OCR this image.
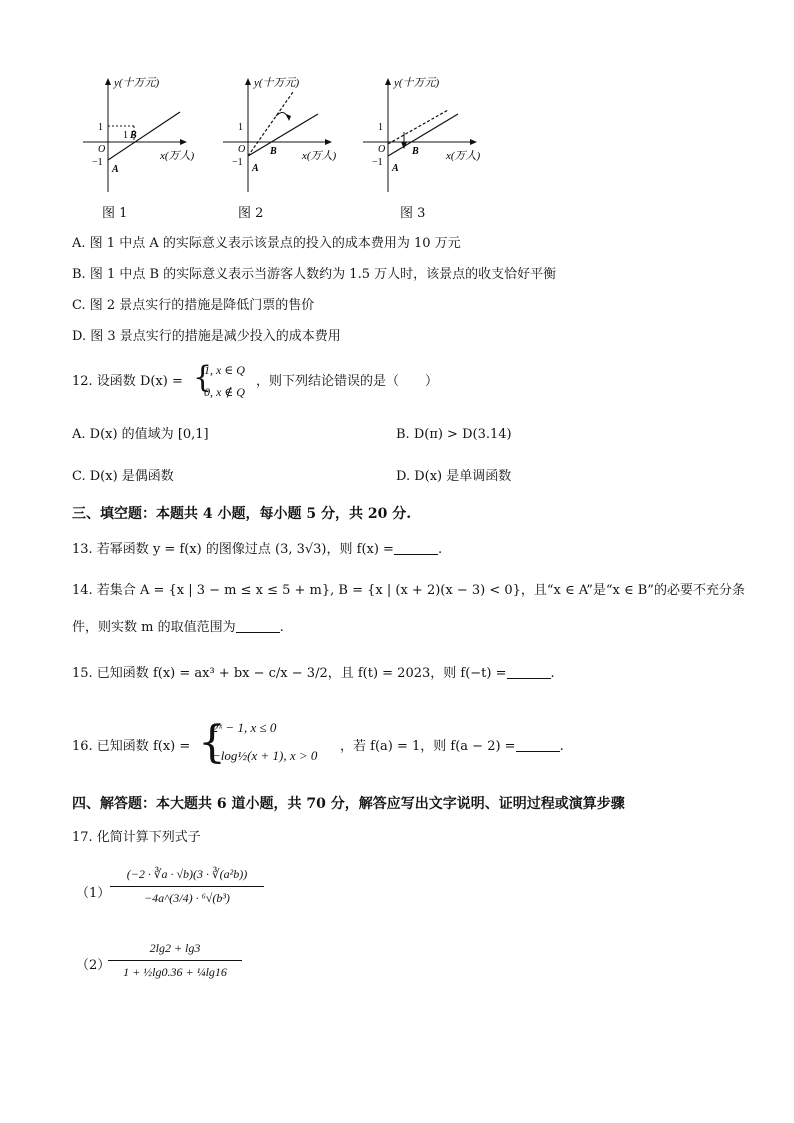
y(十万元)
x(万人)
1
−1
O
A
B
1
图 1
y(十万元)
x(万人)
1
−1
O
A
B
图 2
y(十万元)
x(万人)
1
−1
O
A
B
图 3
A. 图 1 中点 A 的实际意义表示该景点的投入的成本费用为 10 万元
B. 图 1 中点 B 的实际意义表示当游客人数约为 1.5 万人时，该景点的收支恰好平衡
C. 图 2 景点实行的措施是降低门票的售价
D. 图 3 景点实行的措施是减少投入的成本费用
12. 设函数 D(x) = {
1, x ∈ Q
0, x ∉ Q
，则下列结论错误的是（　　）
A. D(x) 的值域为 [0,1]	B. D(π) > D(3.14)
C. D(x) 是偶函数	D. D(x) 是单调函数
三、填空题：本题共 4 小题，每小题 5 分，共 20 分.
13. 若幂函数 y = f(x) 的图像过点 (3, 3√3)，则 f(x) =	.
14. 若集合 A = {x | 3 − m ≤ x ≤ 5 + m}, B = {x | (x + 2)(x − 3) < 0}，且“x ∈ A”是“x ∈ B”的必要不充分条
件，则实数 m 的取值范围为	.
15. 已知函数 f(x) = ax³ + bx − c/x − 3/2，且 f(t) = 2023，则 f(−t) =	.
16. 已知函数 f(x) = {
2ˣ − 1, x ≤ 0
−log½(x + 1), x > 0
，若 f(a) = 1，则 f(a − 2) =	.
四、解答题：本大题共 6 道小题，共 70 分，解答应写出文字说明、证明过程或演算步骤
17. 化简计算下列式子
（1）
(−2 · ∛a · √b)(3 · ∛(a²b))
−4a^(3/4) · ⁶√(b³)
（2）
2lg2 + lg3
1 + ½lg0.36 + ¼lg16
